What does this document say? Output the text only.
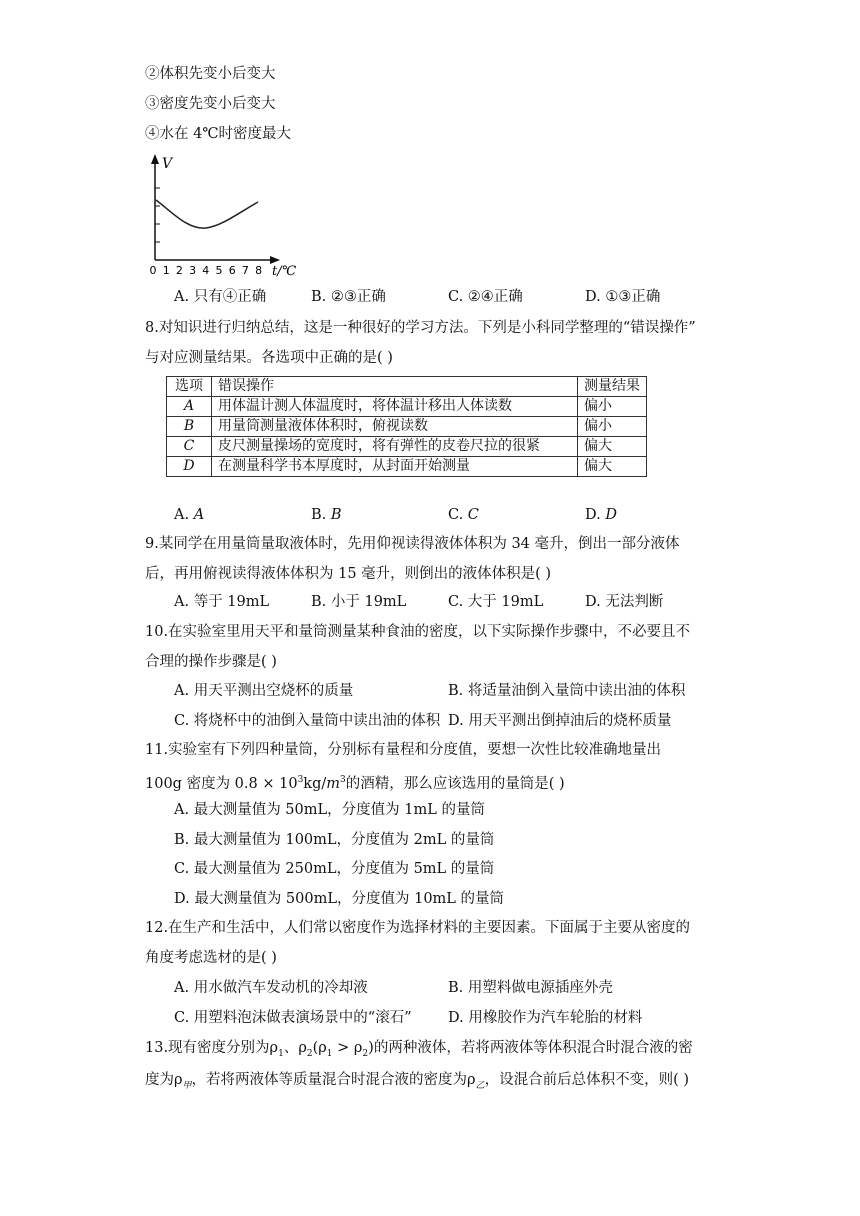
②体积先变小后变大
③密度先变小后变大
④水在 4℃时密度最大
V
0 1 2 3 4 5 6 7 8 t/℃
A. 只有④正确	B. ②③正确	C. ②④正确	D. ①③正确
8.对知识进行归纳总结，这是一种很好的学习方法。下列是小科同学整理的“错误操作”
与对应测量结果。各选项中正确的是( )
选项	错误操作	测量结果
A	用体温计测人体温度时，将体温计移出人体读数	偏小
B	用量筒测量液体体积时，俯视读数	偏小
C	皮尺测量操场的宽度时，将有弹性的皮卷尺拉的很紧	偏大
D	在测量科学书本厚度时，从封面开始测量	偏大
A. A	B. B	C. C	D. D
9.某同学在用量筒量取液体时，先用仰视读得液体体积为 34 毫升，倒出一部分液体
后，再用俯视读得液体体积为 15 毫升，则倒出的液体体积是( )
A. 等于 19mL	B. 小于 19mL	C. 大于 19mL	D. 无法判断
10.在实验室里用天平和量筒测量某种食油的密度，以下实际操作步骤中，不必要且不
合理的操作步骤是( )
A. 用天平测出空烧杯的质量	B. 将适量油倒入量筒中读出油的体积
C. 将烧杯中的油倒入量筒中读出油的体积 D. 用天平测出倒掉油后的烧杯质量
11.实验室有下列四种量筒，分别标有量程和分度值，要想一次性比较准确地量出
100g 密度为 $0.8 \times 10^3kg/m^3$的酒精，那么应该选用的量筒是( )
A. 最大测量值为 50mL，分度值为 1mL 的量筒
B. 最大测量值为 100mL，分度值为 2mL 的量筒
C. 最大测量值为 250mL，分度值为 5mL 的量筒
D. 最大测量值为 500mL，分度值为 10mL 的量筒
12.在生产和生活中，人们常以密度作为选择材料的主要因素。下面属于主要从密度的
角度考虑选材的是( )
A. 用水做汽车发动机的冷却液	B. 用塑料做电源插座外壳
C. 用塑料泡沫做表演场景中的“滚石”	D. 用橡胶作为汽车轮胎的材料
13.现有密度分别为$\rho_1$、$\rho_2(\rho_1 > \rho_2)$的两种液体，若将两液体等体积混合时混合液的密
度为$\rho_甲$，若将两液体等质量混合时混合液的密度为$\rho_乙$，设混合前后总体积不变，则( )
